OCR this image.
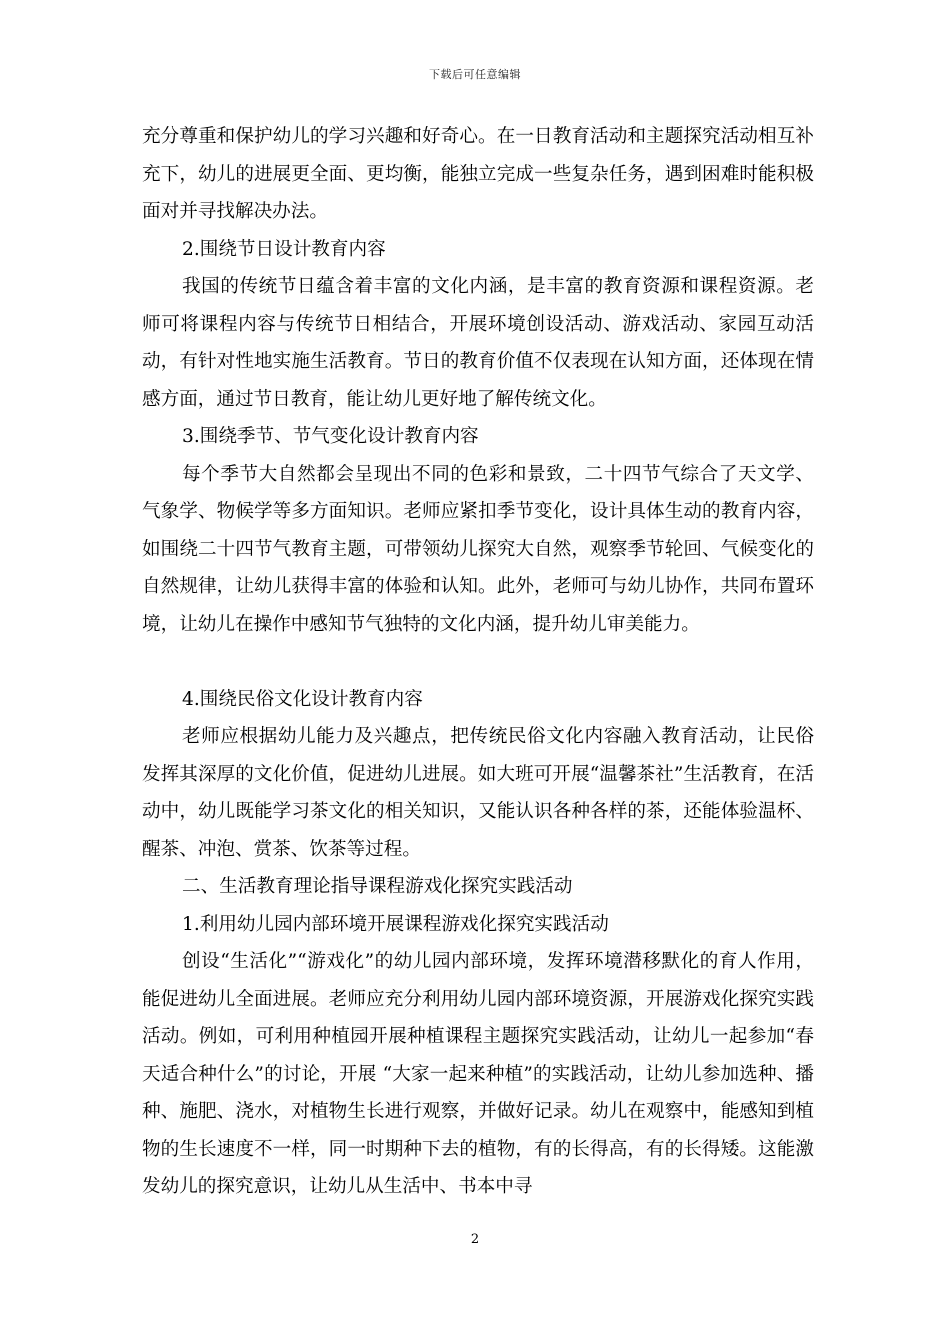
下载后可任意编辑

充分尊重和保护幼儿的学习兴趣和好奇心。在一日教育活动和主题探究活动相互补充下，幼儿的进展更全面、更均衡，能独立完成一些复杂任务，遇到困难时能积极面对并寻找解决办法。

2.围绕节日设计教育内容

我国的传统节日蕴含着丰富的文化内涵，是丰富的教育资源和课程资源。老师可将课程内容与传统节日相结合，开展环境创设活动、游戏活动、家园互动活动，有针对性地实施生活教育。节日的教育价值不仅表现在认知方面，还体现在情感方面，通过节日教育，能让幼儿更好地了解传统文化。

3.围绕季节、节气变化设计教育内容

每个季节大自然都会呈现出不同的色彩和景致，二十四节气综合了天文学、气象学、物候学等多方面知识。老师应紧扣季节变化，设计具体生动的教育内容，如围绕二十四节气教育主题，可带领幼儿探究大自然，观察季节轮回、气候变化的自然规律，让幼儿获得丰富的体验和认知。此外，老师可与幼儿协作，共同布置环境，让幼儿在操作中感知节气独特的文化内涵，提升幼儿审美能力。

4.围绕民俗文化设计教育内容

老师应根据幼儿能力及兴趣点，把传统民俗文化内容融入教育活动，让民俗发挥其深厚的文化价值，促进幼儿进展。如大班可开展“温馨茶社”生活教育，在活动中，幼儿既能学习茶文化的相关知识，又能认识各种各样的茶，还能体验温杯、醒茶、冲泡、赏茶、饮茶等过程。

二、生活教育理论指导课程游戏化探究实践活动

1.利用幼儿园内部环境开展课程游戏化探究实践活动

创设“生活化”“游戏化”的幼儿园内部环境，发挥环境潜移默化的育人作用，能促进幼儿全面进展。老师应充分利用幼儿园内部环境资源，开展游戏化探究实践活动。例如，可利用种植园开展种植课程主题探究实践活动，让幼儿一起参加“春天适合种什么”的讨论，开展 “大家一起来种植”的实践活动，让幼儿参加选种、播种、施肥、浇水，对植物生长进行观察，并做好记录。幼儿在观察中，能感知到植物的生长速度不一样，同一时期种下去的植物，有的长得高，有的长得矮。这能激发幼儿的探究意识，让幼儿从生活中、书本中寻

2
